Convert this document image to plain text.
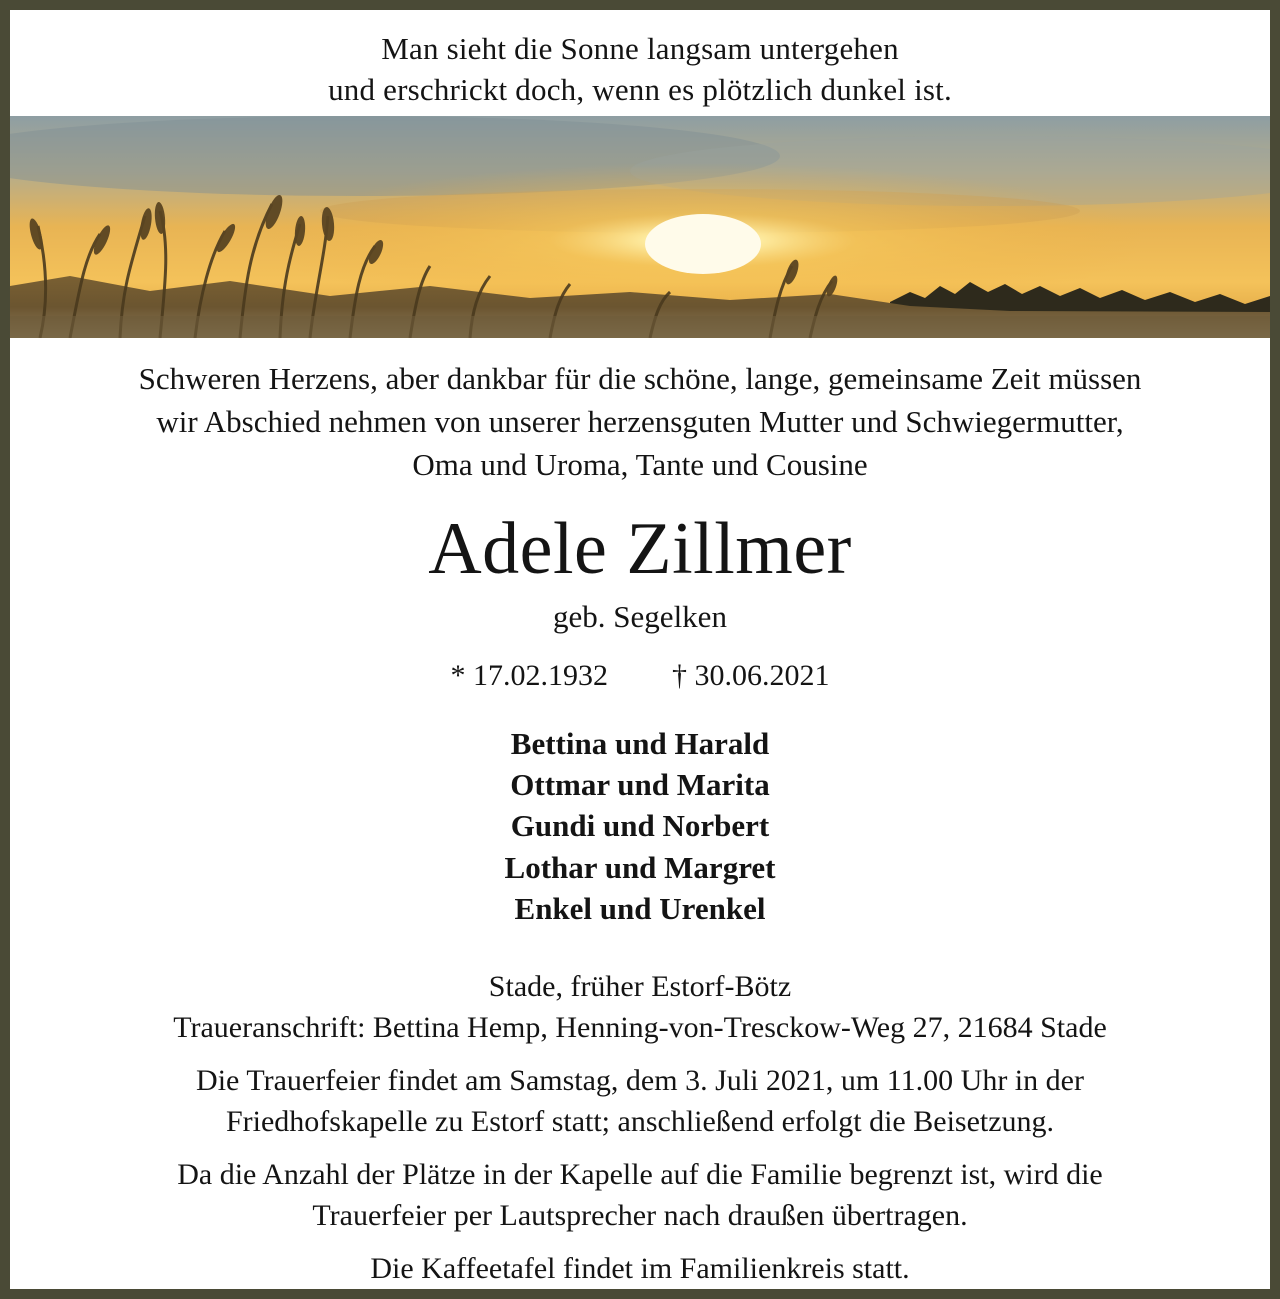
Man sieht die Sonne langsam untergehen
und erschrickt doch, wenn es plötzlich dunkel ist.
Schweren Herzens, aber dankbar für die schöne, lange, gemeinsame Zeit müssen
wir Abschied nehmen von unserer herzensguten Mutter und Schwiegermutter,
Oma und Uroma, Tante und Cousine
Adele Zillmer
geb. Segelken
* 17.02.1932 † 30.06.2021
Bettina und Harald
Ottmar und Marita
Gundi und Norbert
Lothar und Margret
Enkel und Urenkel
Stade, früher Estorf-Bötz
Traueranschrift: Bettina Hemp, Henning-von-Tresckow-Weg 27, 21684 Stade
Die Trauerfeier findet am Samstag, dem 3. Juli 2021, um 11.00 Uhr in der
Friedhofskapelle zu Estorf statt; anschließend erfolgt die Beisetzung.
Da die Anzahl der Plätze in der Kapelle auf die Familie begrenzt ist, wird die
Trauerfeier per Lautsprecher nach draußen übertragen.
Die Kaffeetafel findet im Familienkreis statt.
